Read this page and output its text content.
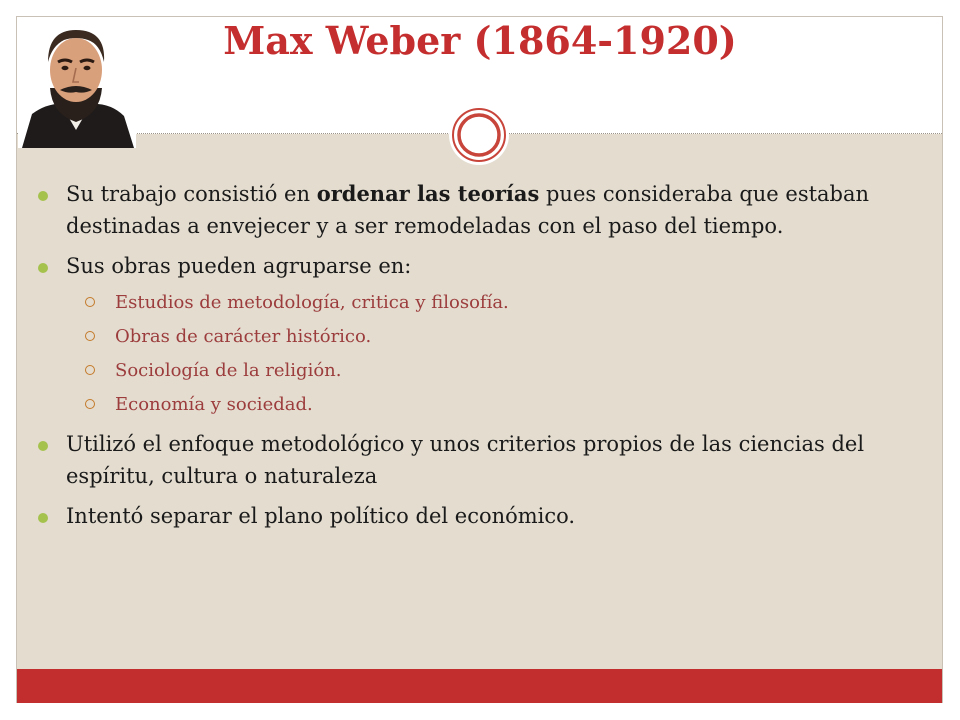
Max Weber (1864-1920)
Su trabajo consistió en ordenar las teorías pues consideraba que estaban destinadas a envejecer y a ser remodeladas con el paso del tiempo.
Sus obras pueden agruparse en:
Estudios de metodología, critica y filosofía.
Obras de carácter histórico.
Sociología de la religión.
Economía y sociedad.
Utilizó el enfoque metodológico y unos criterios propios de las ciencias del espíritu, cultura o naturaleza
Intentó separar el plano político del económico.
